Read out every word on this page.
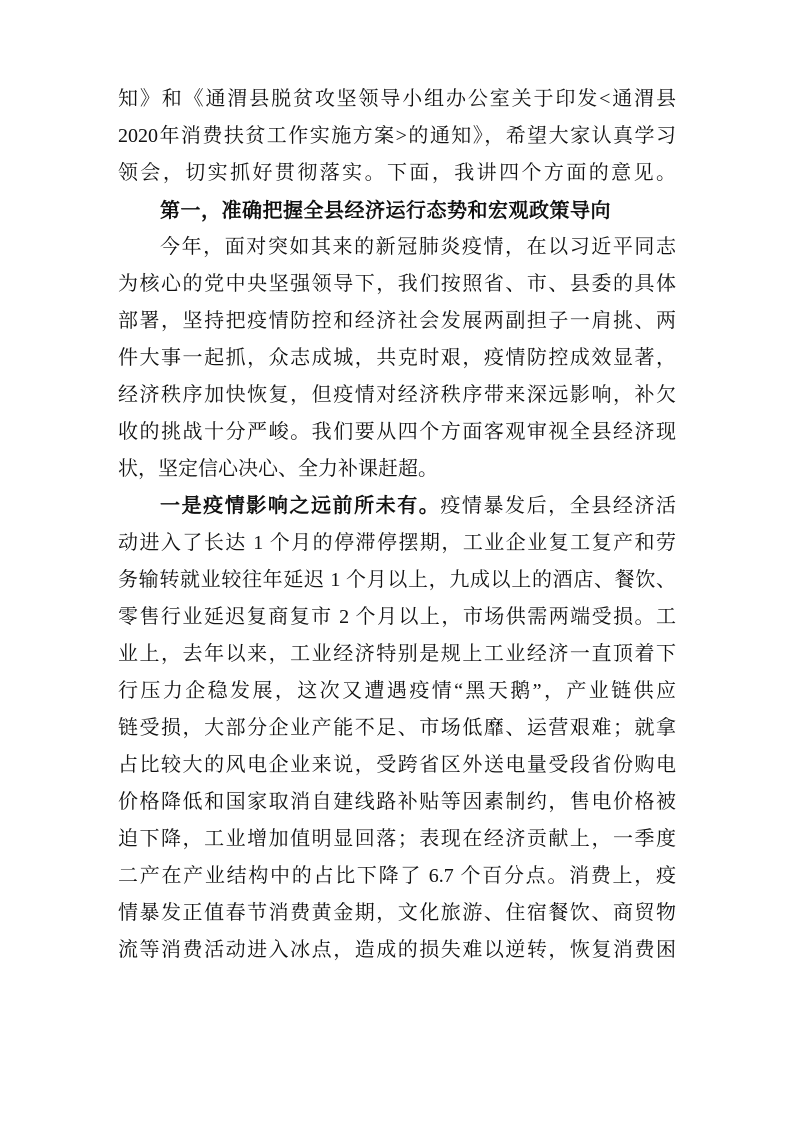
知》和《通渭县脱贫攻坚领导小组办公室关于印发<通渭县
2020年消费扶贫工作实施方案>的通知》，希望大家认真学习
领会，切实抓好贯彻落实。下面，我讲四个方面的意见。
第一，准确把握全县经济运行态势和宏观政策导向
今年，面对突如其来的新冠肺炎疫情，在以习近平同志
为核心的党中央坚强领导下，我们按照省、市、县委的具体
部署，坚持把疫情防控和经济社会发展两副担子一肩挑、两
件大事一起抓，众志成城，共克时艰，疫情防控成效显著，
经济秩序加快恢复，但疫情对经济秩序带来深远影响，补欠
收的挑战十分严峻。我们要从四个方面客观审视全县经济现
状，坚定信心决心、全力补课赶超。
一是疫情影响之远前所未有。疫情暴发后，全县经济活
动进入了长达 1 个月的停滞停摆期，工业企业复工复产和劳
务输转就业较往年延迟 1 个月以上，九成以上的酒店、餐饮、
零售行业延迟复商复市 2 个月以上，市场供需两端受损。工
业上，去年以来，工业经济特别是规上工业经济一直顶着下
行压力企稳发展，这次又遭遇疫情“黑天鹅”，产业链供应
链受损，大部分企业产能不足、市场低靡、运营艰难；就拿
占比较大的风电企业来说，受跨省区外送电量受段省份购电
价格降低和国家取消自建线路补贴等因素制约，售电价格被
迫下降，工业增加值明显回落；表现在经济贡献上，一季度
二产在产业结构中的占比下降了 6.7 个百分点。消费上，疫
情暴发正值春节消费黄金期，文化旅游、住宿餐饮、商贸物
流等消费活动进入冰点，造成的损失难以逆转，恢复消费困
